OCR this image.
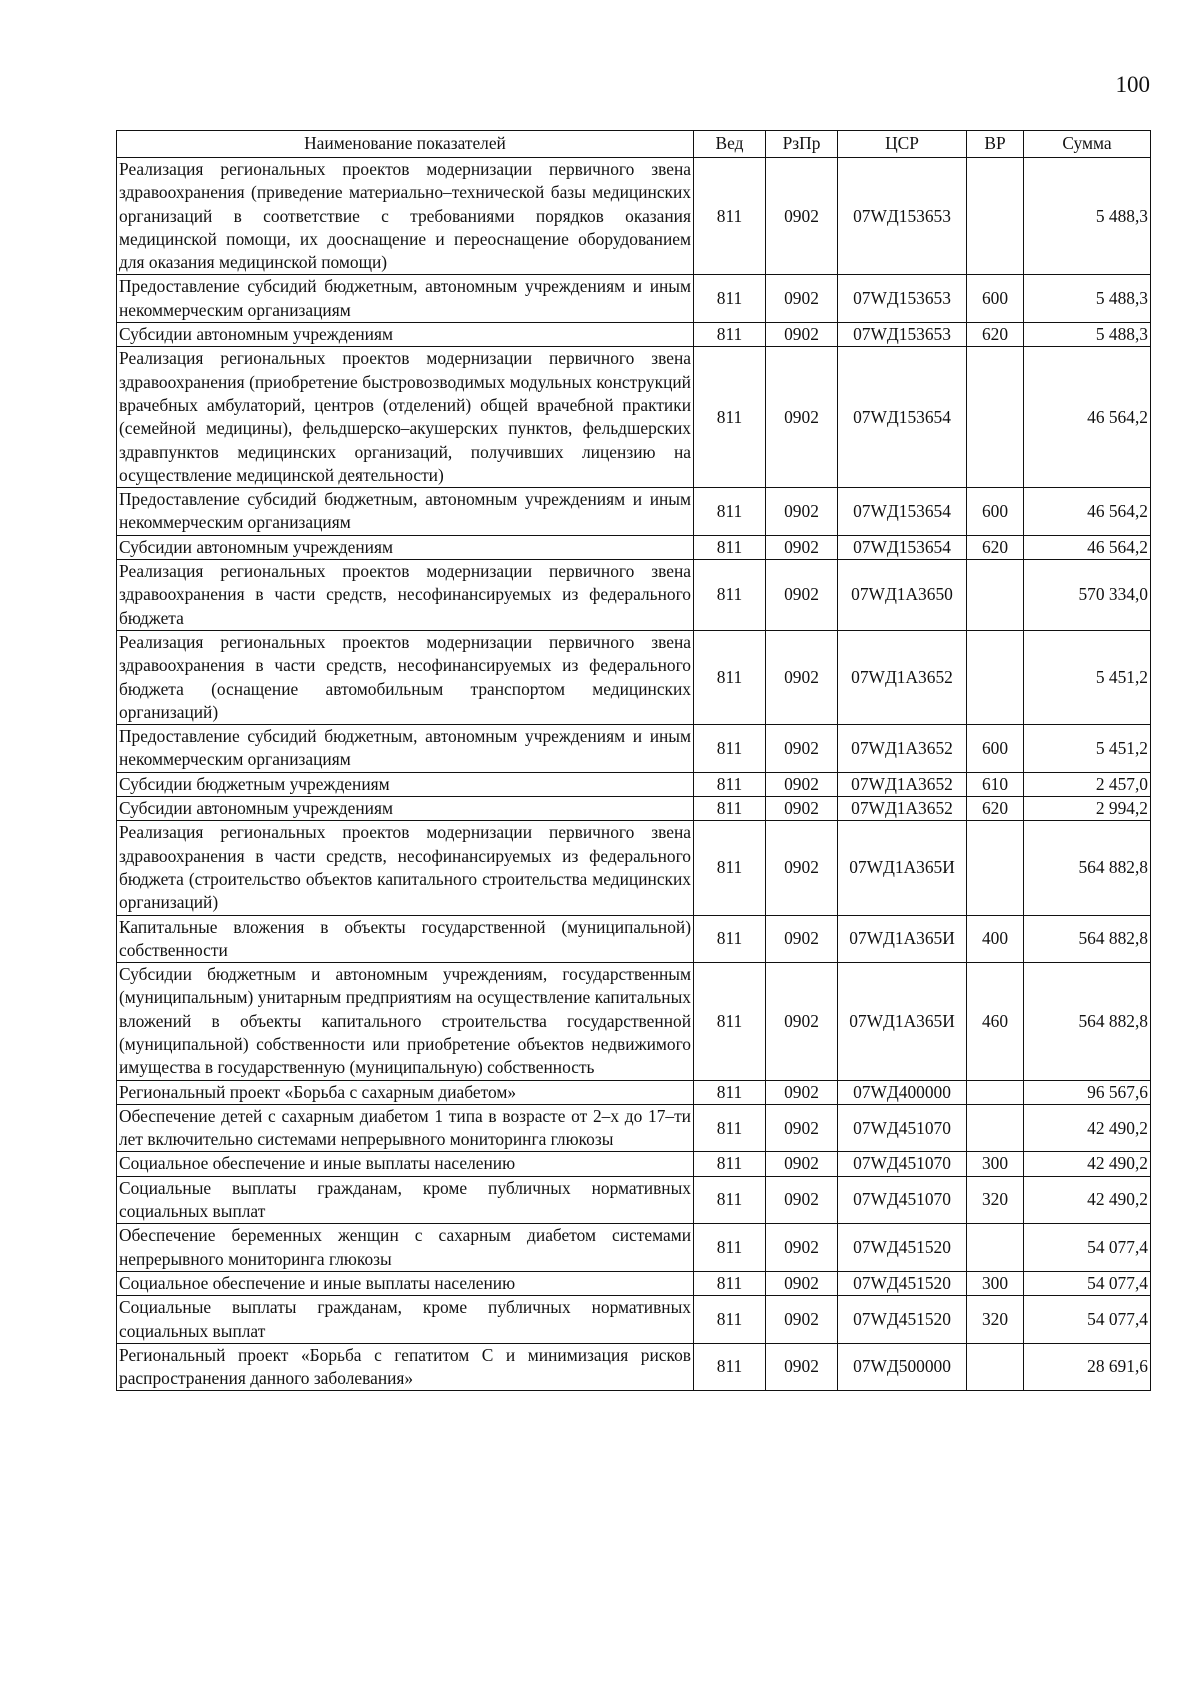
100
Наименование показателей	Вед	РзПр	ЦСР	ВР	Сумма
Реализация региональных проектов модернизации первичного звена здравоохранения (приведение материально–технической базы медицинских организаций в соответствие с требованиями порядков оказания медицинской помощи, их дооснащение и переоснащение оборудованием для оказания медицинской помощи)	811	0902	07WД153653		5 488,3
Предоставление субсидий бюджетным, автономным учреждениям и иным некоммерческим организациям	811	0902	07WД153653	600	5 488,3
Субсидии автономным учреждениям	811	0902	07WД153653	620	5 488,3
Реализация региональных проектов модернизации первичного звена здравоохранения (приобретение быстровозводимых модульных конструкций врачебных амбулаторий, центров (отделений) общей врачебной практики (семейной медицины), фельдшерско–акушерских пунктов, фельдшерских здравпунктов медицинских организаций, получивших лицензию на осуществление медицинской деятельности)	811	0902	07WД153654		46 564,2
Предоставление субсидий бюджетным, автономным учреждениям и иным некоммерческим организациям	811	0902	07WД153654	600	46 564,2
Субсидии автономным учреждениям	811	0902	07WД153654	620	46 564,2
Реализация региональных проектов модернизации первичного звена здравоохранения в части средств, несофинансируемых из федерального бюджета	811	0902	07WД1А3650		570 334,0
Реализация региональных проектов модернизации первичного звена здравоохранения в части средств, несофинансируемых из федерального бюджета (оснащение автомобильным транспортом медицинских организаций)	811	0902	07WД1А3652		5 451,2
Предоставление субсидий бюджетным, автономным учреждениям и иным некоммерческим организациям	811	0902	07WД1А3652	600	5 451,2
Субсидии бюджетным учреждениям	811	0902	07WД1А3652	610	2 457,0
Субсидии автономным учреждениям	811	0902	07WД1А3652	620	2 994,2
Реализация региональных проектов модернизации первичного звена здравоохранения в части средств, несофинансируемых из федерального бюджета (строительство объектов капитального строительства медицинских организаций)	811	0902	07WД1А365И		564 882,8
Капитальные вложения в объекты государственной (муниципальной) собственности	811	0902	07WД1А365И	400	564 882,8
Субсидии бюджетным и автономным учреждениям, государственным (муниципальным) унитарным предприятиям на осуществление капитальных вложений в объекты капитального строительства государственной (муниципальной) собственности или приобретение объектов недвижимого имущества в государственную (муниципальную) собственность	811	0902	07WД1А365И	460	564 882,8
Региональный проект «Борьба с сахарным диабетом»	811	0902	07WД400000		96 567,6
Обеспечение детей с сахарным диабетом 1 типа в возрасте от 2–х до 17–ти лет включительно системами непрерывного мониторинга глюкозы	811	0902	07WД451070		42 490,2
Социальное обеспечение и иные выплаты населению	811	0902	07WД451070	300	42 490,2
Социальные выплаты гражданам, кроме публичных нормативных социальных выплат	811	0902	07WД451070	320	42 490,2
Обеспечение беременных женщин с сахарным диабетом системами непрерывного мониторинга глюкозы	811	0902	07WД451520		54 077,4
Социальное обеспечение и иные выплаты населению	811	0902	07WД451520	300	54 077,4
Социальные выплаты гражданам, кроме публичных нормативных социальных выплат	811	0902	07WД451520	320	54 077,4
Региональный проект «Борьба с гепатитом С и минимизация рисков распространения данного заболевания»	811	0902	07WД500000		28 691,6
